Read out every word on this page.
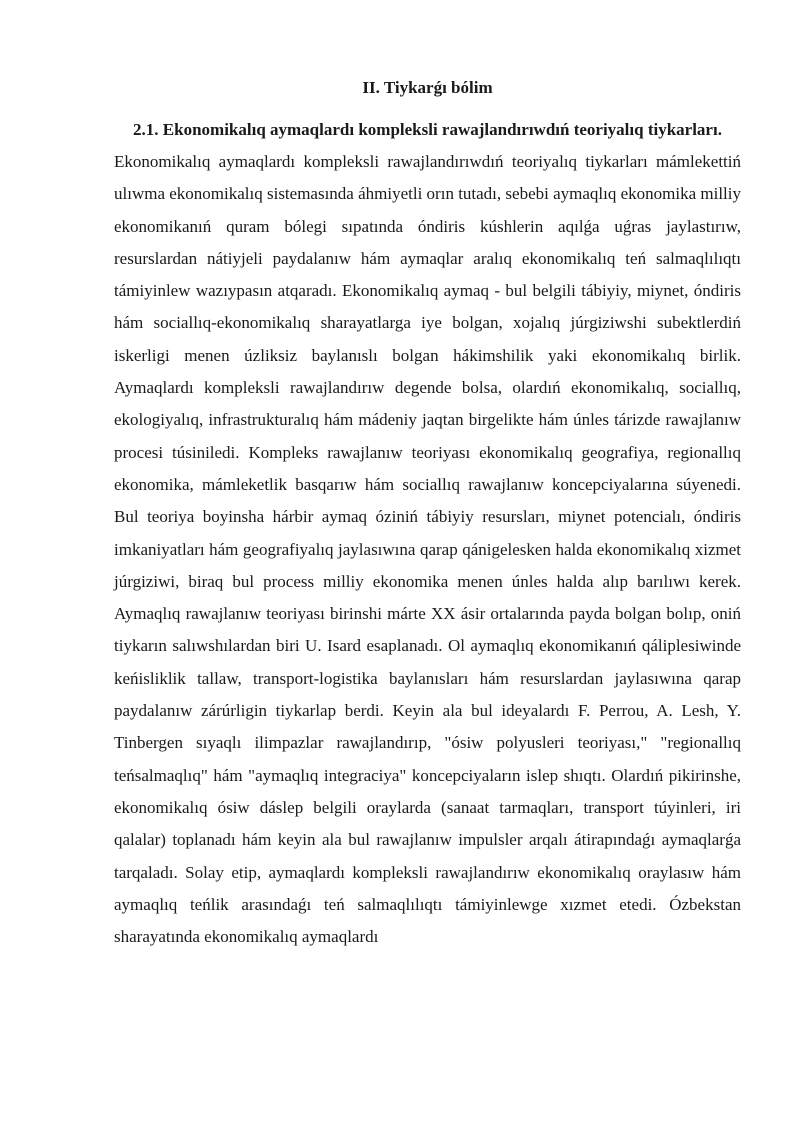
II. Tiykarǵı bólim
2.1. Ekonomikalıq aymaqlardı kompleksli rawajlandırıwdıń teoriyalıq tiykarları.

Ekonomikalıq aymaqlardı kompleksli rawajlandırıwdıń teoriyalıq tiykarları mámlekettiń ulıwma ekonomikalıq sistemasında áhmiyetli orın tutadı, sebebi aymaqlıq ekonomika milliy ekonomikanıń quram bólegi sıpatında óndiris kúshlerin aqılǵa uǵras jaylastırıw, resurslardan nátiyjeli paydalanıw hám aymaqlar aralıq ekonomikalıq teń salmaqlılıqtı támiyinlew wazıypasın atqaradı. Ekonomikalıq aymaq - bul belgili tábiyiy, miynet, óndiris hám sociallıq-ekonomikalıq sharayatlarga iye bolgan, xojalıq júrgiziwshi subektlerdiń iskerligi menen úzliksiz baylanıslı bolgan hákimshilik yaki ekonomikalıq birlik. Aymaqlardı kompleksli rawajlandırıw degende bolsa, olardıń ekonomikalıq, sociallıq, ekologiyalıq, infrastrukturalıq hám mádeniy jaqtan birgelikte hám únles tárizde rawajlanıw procesi túsiniledi. Kompleks rawajlanıw teoriyası ekonomikalıq geografiya, regionallıq ekonomika, mámleketlik basqarıw hám sociallıq rawajlanıw koncepciyalarına súyenedi. Bul teoriya boyinsha hárbir aymaq óziniń tábiyiy resursları, miynet potencialı, óndiris imkaniyatları hám geografiyalıq jaylasıwına qarap qánigelesken halda ekonomikalıq xizmet júrgiziwi, biraq bul process milliy ekonomika menen únles halda alıp barılıwı kerek. Aymaqlıq rawajlanıw teoriyası birinshi márte XX ásir ortalarında payda bolgan bolıp, oniń tiykarın salıwshılardan biri U. Isard esaplanadı. Ol aymaqlıq ekonomikanıń qáliplesiwinde keńisliklik tallaw, transport-logistika baylanısları hám resurslardan jaylasıwına qarap paydalanıw zárúrligin tiykarlap berdi. Keyin ala bul ideyalardı F. Perrou, A. Lesh, Y. Tinbergen sıyaqlı ilimpazlar rawajlandırıp, "ósiw polyusleri teoriyası," "regionallıq teńsalmaqlıq" hám "aymaqlıq integraciya" koncepciyaların islep shıqtı. Olardıń pikirinshe, ekonomikalıq ósiw dáslep belgili oraylarda (sanaat tarmaqları, transport túyinleri, iri qalalar) toplanadı hám keyin ala bul rawajlanıw impulsler arqalı átirapındaǵı aymaqlarǵa tarqaladı. Solay etip, aymaqlardı kompleksli rawajlandırıw ekonomikalıq oraylasıw hám aymaqlıq teńlik arasındaǵı teń salmaqlılıqtı támiyinlewge xızmet etedi. Ózbekstan sharayatında ekonomikalıq aymaqlardı
